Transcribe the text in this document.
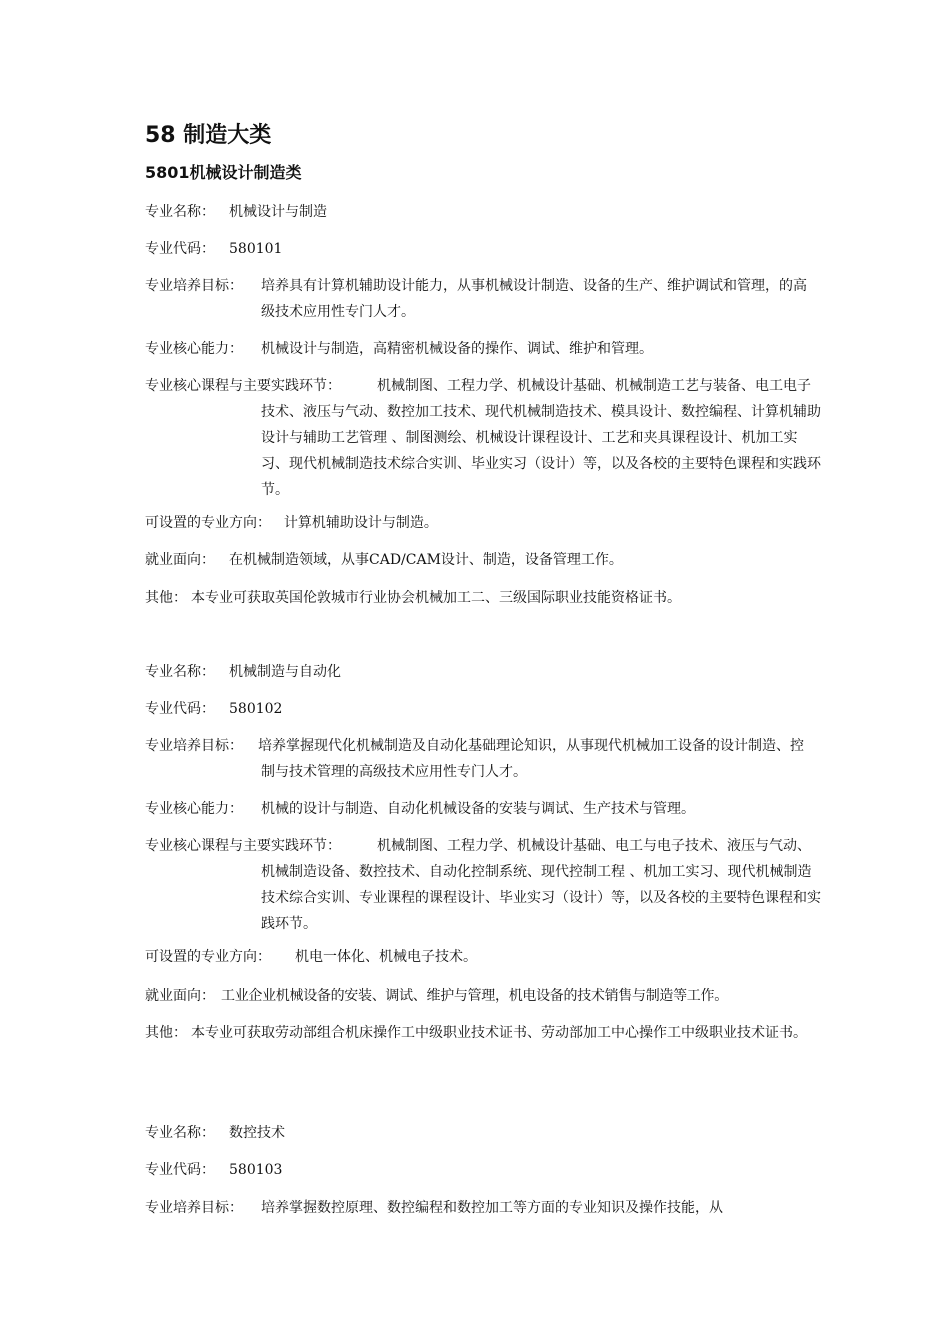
58 制造大类
5801机械设计制造类
专业名称： 机械设计与制造
专业代码： 580101
专业培养目标： 培养具有计算机辅助设计能力，从事机械设计制造、设备的生产、维护调试和管理，的高级技术应用性专门人才。
专业核心能力： 机械设计与制造，高精密机械设备的操作、调试、维护和管理。
专业核心课程与主要实践环节：	机械制图、工程力学、机械设计基础、机械制造工艺与装备、电工电子技术、液压与气动、数控加工技术、现代机械制造技术、模具设计、数控编程、计算机辅助设计与辅助工艺管理 、制图测绘、机械设计课程设计、工艺和夹具课程设计、机加工实习、现代机械制造技术综合实训、毕业实习（设计）等，以及各校的主要特色课程和实践环节。
可设置的专业方向： 计算机辅助设计与制造。
就业面向： 在机械制造领域，从事CAD/CAM设计、制造，设备管理工作。
其他： 本专业可获取英国伦敦城市行业协会机械加工二、三级国际职业技能资格证书。
专业名称： 机械制造与自动化
专业代码： 580102
专业培养目标： 培养掌握现代化机械制造及自动化基础理论知识，从事现代机械加工设备的设计制造、控制与技术管理的高级技术应用性专门人才。
专业核心能力： 机械的设计与制造、自动化机械设备的安装与调试、生产技术与管理。
专业核心课程与主要实践环节：	机械制图、工程力学、机械设计基础、电工与电子技术、液压与气动、机械制造设备、数控技术、自动化控制系统、现代控制工程 、机加工实习、现代机械制造技术综合实训、专业课程的课程设计、毕业实习（设计）等，以及各校的主要特色课程和实践环节。
可设置的专业方向： 机电一体化、机械电子技术。
就业面向： 工业企业机械设备的安装、调试、维护与管理，机电设备的技术销售与制造等工作。
其他： 本专业可获取劳动部组合机床操作工中级职业技术证书、劳动部加工中心操作工中级职业技术证书。
专业名称： 数控技术
专业代码： 580103
专业培养目标： 培养掌握数控原理、数控编程和数控加工等方面的专业知识及操作技能，从
